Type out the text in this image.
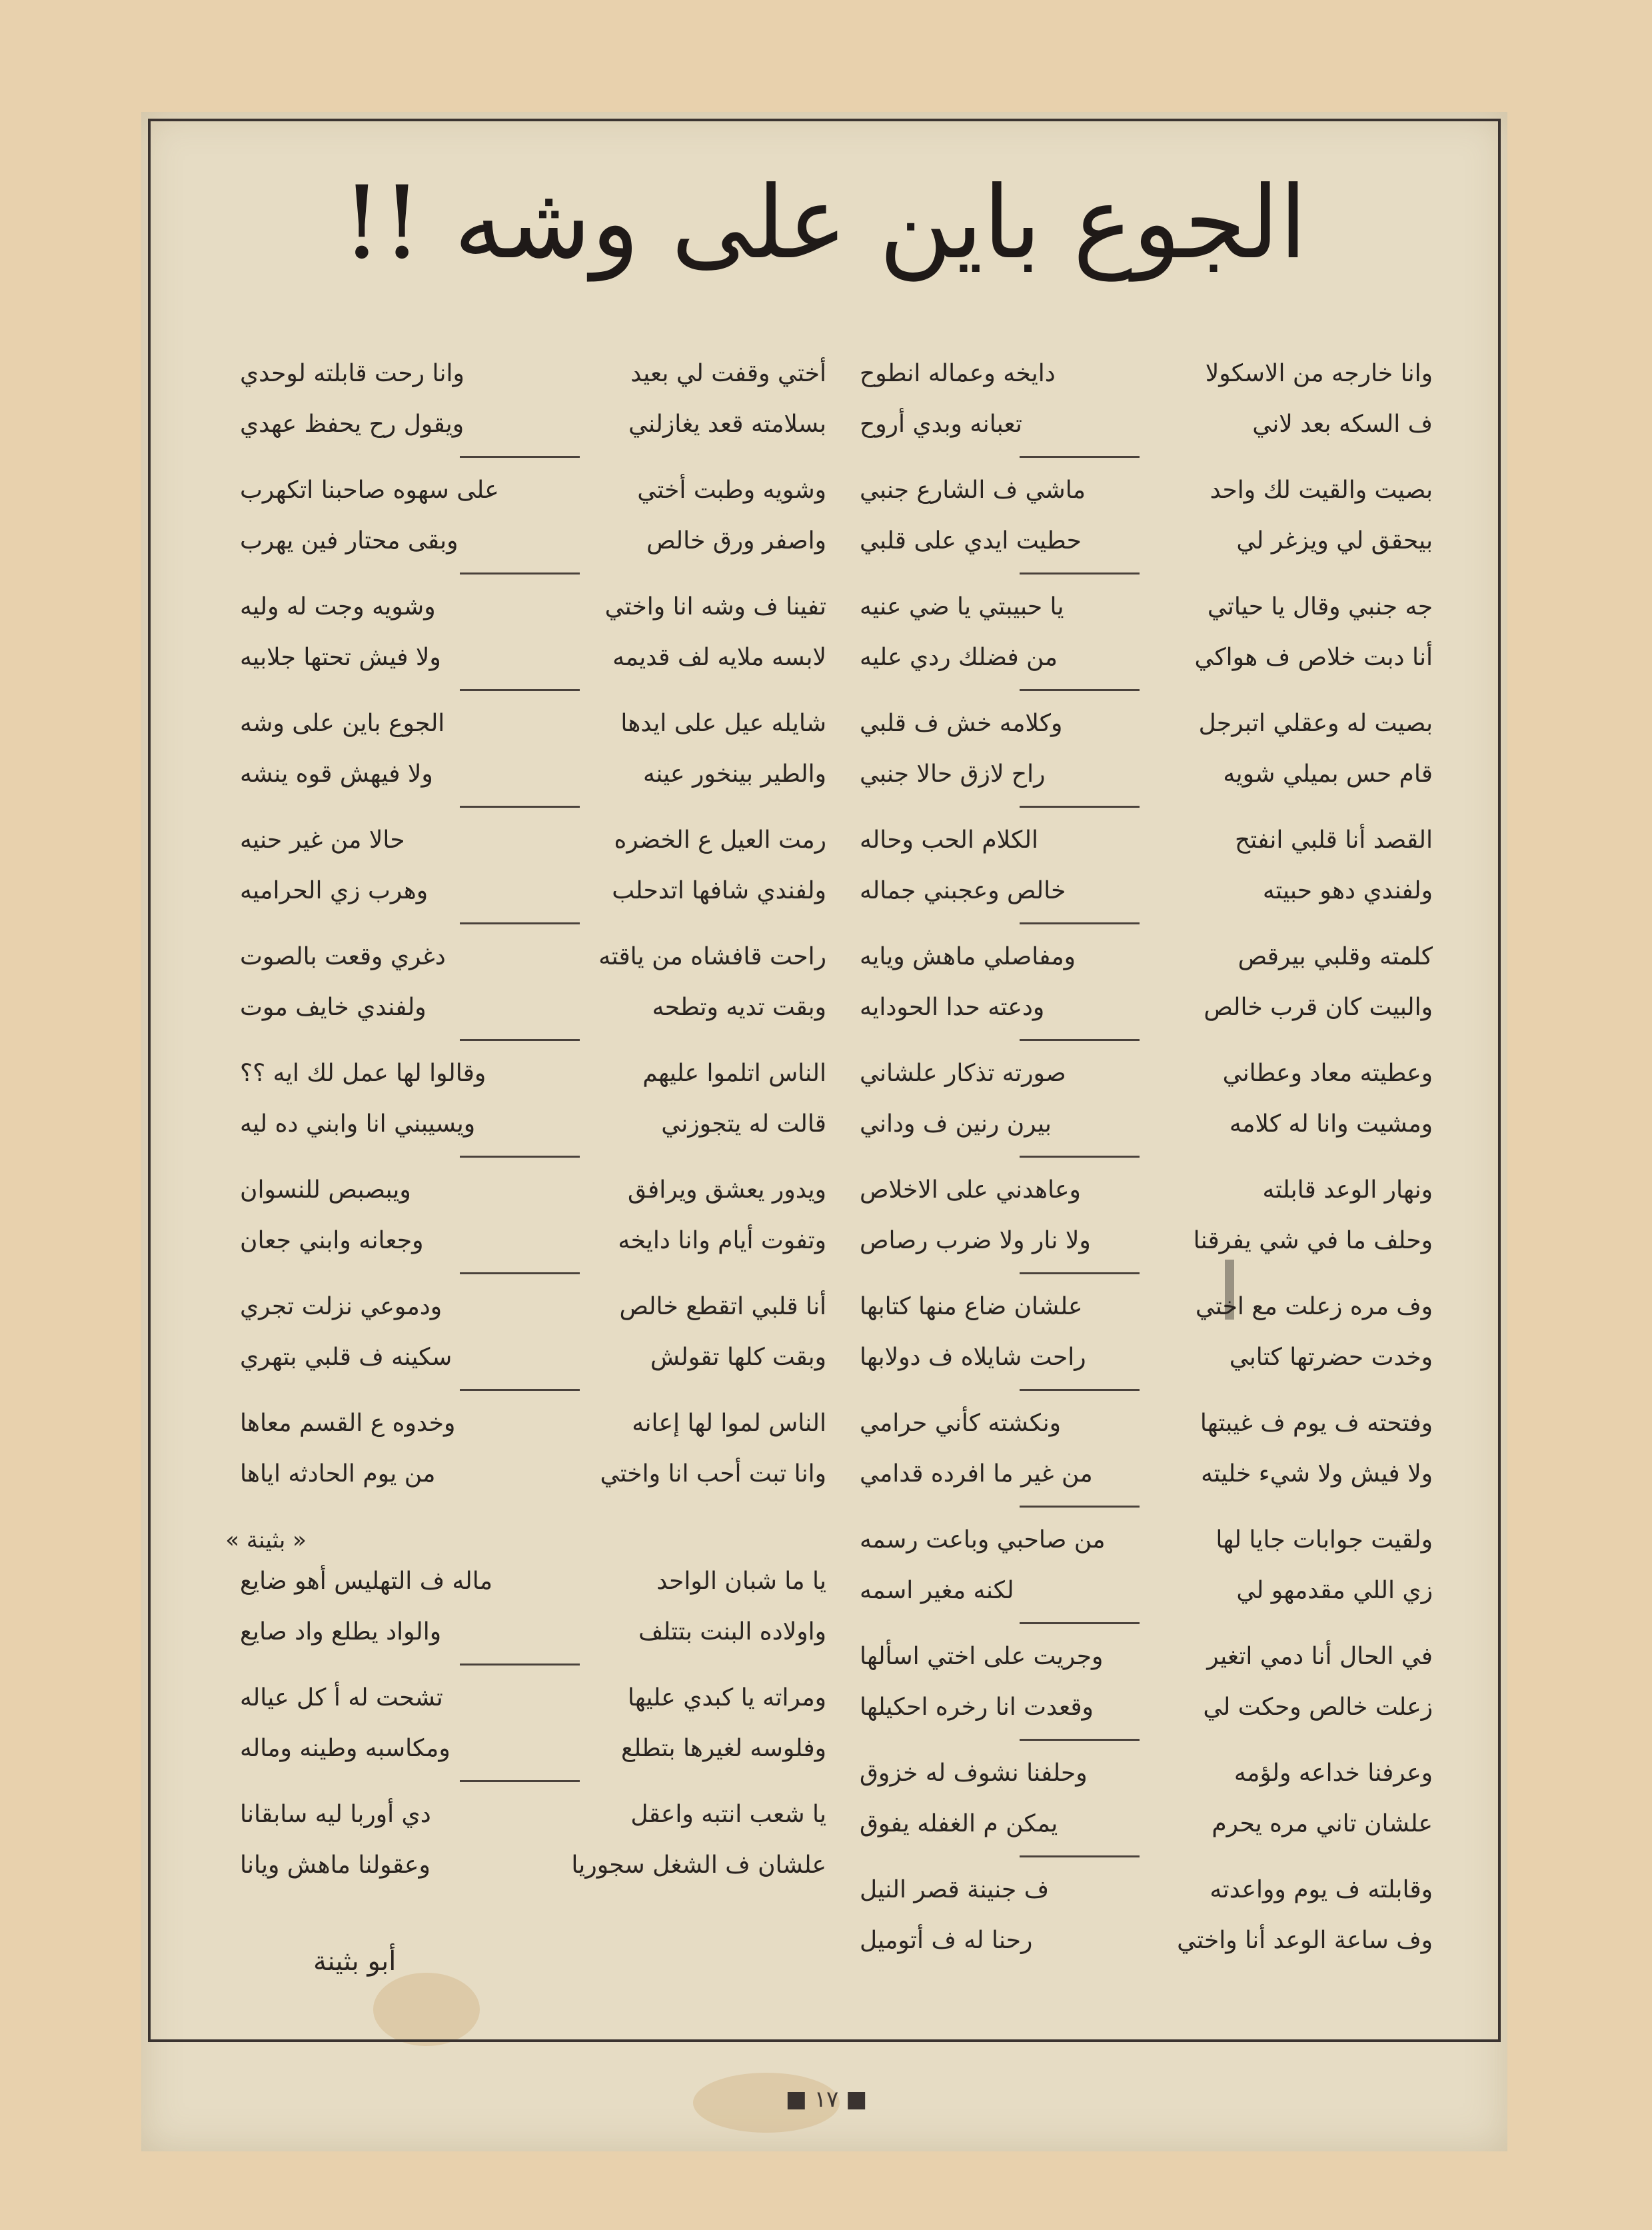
الجوع باين على وشه !!
وانا خارجه من الاسكولا
دايخه وعماله انطوح
ف السكه بعد لاني
تعبانه وبدي أروح
بصيت والقيت لك واحد
ماشي ف الشارع جنبي
بيحقق لي ويزغر لي
حطيت ايدي على قلبي
جه جنبي وقال يا حياتي
يا حبيبتي يا ضي عنيه
أنا دبت خلاص ف هواكي
من فضلك ردي عليه
بصيت له وعقلي اتبرجل
وكلامه خش ف قلبي
قام حس بميلي شويه
راح لازق حالا جنبي
القصد أنا قلبي انفتح
الكلام الحب وحاله
ولفندي دهو حبيته
خالص وعجبني جماله
كلمته وقلبي بيرقص
ومفاصلي ماهش ويايه
والبيت كان قرب خالص
ودعته حدا الحودايه
وعطيته معاد وعطاني
صورته تذكار علشاني
ومشيت وانا له كلامه
بيرن رنين ف وداني
ونهار الوعد قابلته
وعاهدني على الاخلاص
وحلف ما في شي يفرقنا
ولا نار ولا ضرب رصاص
وف مره زعلت مع اختي
علشان ضاع منها كتابها
وخدت حضرتها كتابي
راحت شايلاه ف دولابها
وفتحته ف يوم ف غيبتها
ونكشته كأني حرامي
ولا فيش ولا شيء خليته
من غير ما افرده قدامي
ولقيت جوابات جايا لها
من صاحبي وباعت رسمه
زي اللي مقدمهو لي
لكنه مغير اسمه
في الحال أنا دمي اتغير
وجريت على اختي اسألها
زعلت خالص وحكت لي
وقعدت انا رخره احكيلها
وعرفنا خداعه ولؤمه
وحلفنا نشوف له خزوق
علشان تاني مره يحرم
يمكن م الغفله يفوق
وقابلته ف يوم وواعدته
ف جنينة قصر النيل
وف ساعة الوعد أنا واختي
رحنا له ف أتوميل
أختي وقفت لي بعيد
وانا رحت قابلته لوحدي
بسلامته قعد يغازلني
ويقول رح يحفظ عهدي
وشويه وطبت أختي
على سهوه صاحبنا اتكهرب
واصفر ورق خالص
وبقى محتار فين يهرب
تفينا ف وشه انا واختي
وشويه وجت له وليه
لابسه ملايه لف قديمه
ولا فيش تحتها جلابيه
شايله عيل على ايدها
الجوع باين على وشه
والطير بينخور عينه
ولا فيهش قوه ينشه
رمت العيل ع الخضره
حالا من غير حنيه
ولفندي شافها اتدحلب
وهرب زي الحراميه
راحت قافشاه من ياقته
دغري وقعت بالصوت
وبقت تديه وتطحه
ولفندي خايف موت
الناس اتلموا عليهم
وقالوا لها عمل لك ايه ؟؟
قالت له يتجوزني
ويسيبني انا وابني ده ليه
ويدور يعشق ويرافق
ويبصبص للنسوان
وتفوت أيام وانا دايخه
وجعانه وابني جعان
أنا قلبي اتقطع خالص
ودموعي نزلت تجري
وبقت كلها تقولش
سكينه ف قلبي بتهري
الناس لموا لها إعانه
وخدوه ع القسم معاها
وانا تبت أحب انا واختي
من يوم الحادثه اياها
« بثينة »
يا ما شبان الواحد
ماله ف التهليس أهو ضايع
واولاده البنت بتتلف
والواد يطلع واد صايع
ومراته يا كبدي عليها
تشحت له أ كل عياله
وفلوسه لغيرها بتطلع
ومكاسبه وطينه وماله
يا شعب انتبه واعقل
دي أوربا ليه سابقانا
علشان ف الشغل سجوريا
وعقولنا ماهش ويانا
أبو بثينة
■ ١٧ ■
